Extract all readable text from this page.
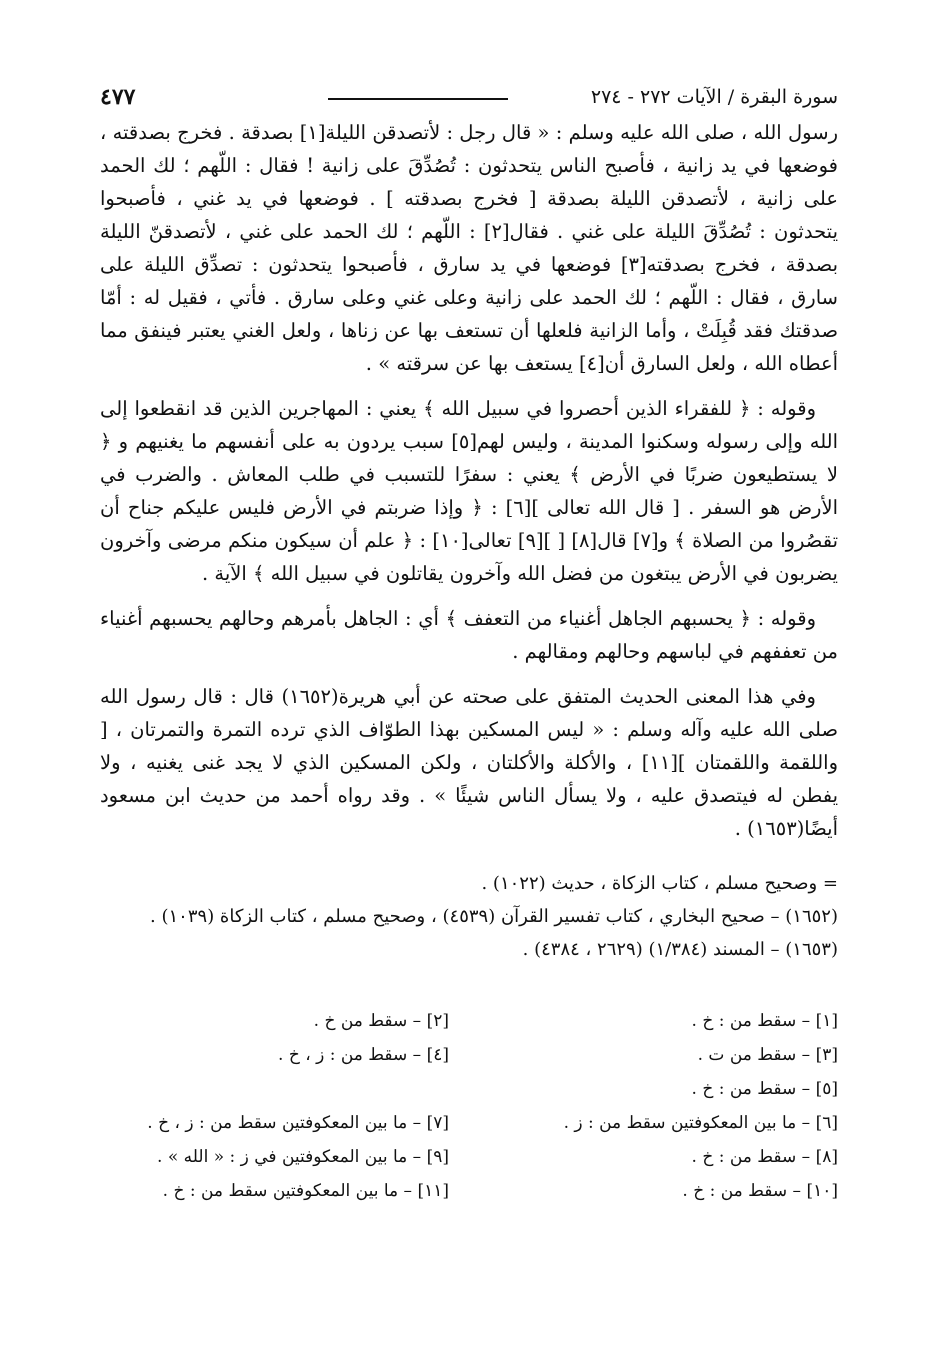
سورة البقرة / الآيات ٢٧٢ - ٢٧٤
٤٧٧

رسول الله ، صلى الله عليه وسلم : « قال رجل : لأتصدقن الليلة[١] بصدقة . فخرج بصدقته ، فوضعها في يد زانية ، فأصبح الناس يتحدثون : تُصُدِّقَ على زانية ! فقال : اللّهم ؛ لك الحمد على زانية ، لأتصدقن الليلة بصدقة [ فخرج بصدقته ] . فوضعها في يد غني ، فأصبحوا يتحدثون : تُصُدِّقَ الليلة على غني . فقال[٢] : اللّهم ؛ لك الحمد على غني ، لأتصدقنّ الليلة بصدقة ، فخرج بصدقته[٣] فوضعها في يد سارق ، فأصبحوا يتحدثون : تصدِّق الليلة على سارق ، فقال : اللّهم ؛ لك الحمد على زانية وعلى غني وعلى سارق . فأتي ، فقيل له : أمّا صدقتك فقد قُبِلَتْ ، وأما الزانية فلعلها أن تستعف بها عن زناها ، ولعل الغني يعتبر فينفق مما أعطاه الله ، ولعل السارق أن[٤] يستعف بها عن سرقته » .

وقوله : ﴿ للفقراء الذين أحصروا في سبيل الله ﴾ يعني : المهاجرين الذين قد انقطعوا إلى الله وإلى رسوله وسكنوا المدينة ، وليس لهم[٥] سبب يردون به على أنفسهم ما يغنيهم و ﴿ لا يستطيعون ضربًا في الأرض ﴾ يعني : سفرًا للتسبب في طلب المعاش . والضرب في الأرض هو السفر . [ قال الله تعالى ][٦] : ﴿ وإذا ضربتم في الأرض فليس عليكم جناح أن تقصُروا من الصلاة ﴾ و[٧] قال[٨] [ ][٩] تعالى[١٠] : ﴿ علم أن سيكون منكم مرضى وآخرون يضربون في الأرض يبتغون من فضل الله وآخرون يقاتلون في سبيل الله ﴾ الآية .

وقوله : ﴿ يحسبهم الجاهل أغنياء من التعفف ﴾ أي : الجاهل بأمرهم وحالهم يحسبهم أغنياء من تعففهم في لباسهم وحالهم ومقالهم .

وفي هذا المعنى الحديث المتفق على صحته عن أبي هريرة(١٦٥٢) قال : قال رسول الله صلى الله عليه وآله وسلم : « ليس المسكين بهذا الطوّاف الذي ترده التمرة والتمرتان ، [ واللقمة واللقمتان ][١١] ، والأكلة والأكلتان ، ولكن المسكين الذي لا يجد غنى يغنيه ، ولا يفطن له فيتصدق عليه ، ولا يسأل الناس شيئًا » . وقد رواه أحمد من حديث ابن مسعود أيضًا(١٦٥٣) .

= وصحيح مسلم ، كتاب الزكاة ، حديث (١٠٢٢) .
(١٦٥٢) – صحيح البخاري ، كتاب تفسير القرآن (٤٥٣٩) ، وصحيح مسلم ، كتاب الزكاة (١٠٣٩) .
(١٦٥٣) – المسند (١/٣٨٤) (٢٦٢٩ ، ٤٣٨٤) .
[١] – سقط من : خ .
[٢] – سقط من خ .
[٣] – سقط من ت .
[٤] – سقط من : ز ، خ .
[٥] – سقط من : خ .
[٦] – ما بين المعكوفتين سقط من : ز .
[٧] – ما بين المعكوفتين سقط من : ز ، خ .
[٨] – سقط من : خ .
[٩] – ما بين المعكوفتين في ز : « الله » .
[١٠] – سقط من : خ .
[١١] – ما بين المعكوفتين سقط من : خ .
